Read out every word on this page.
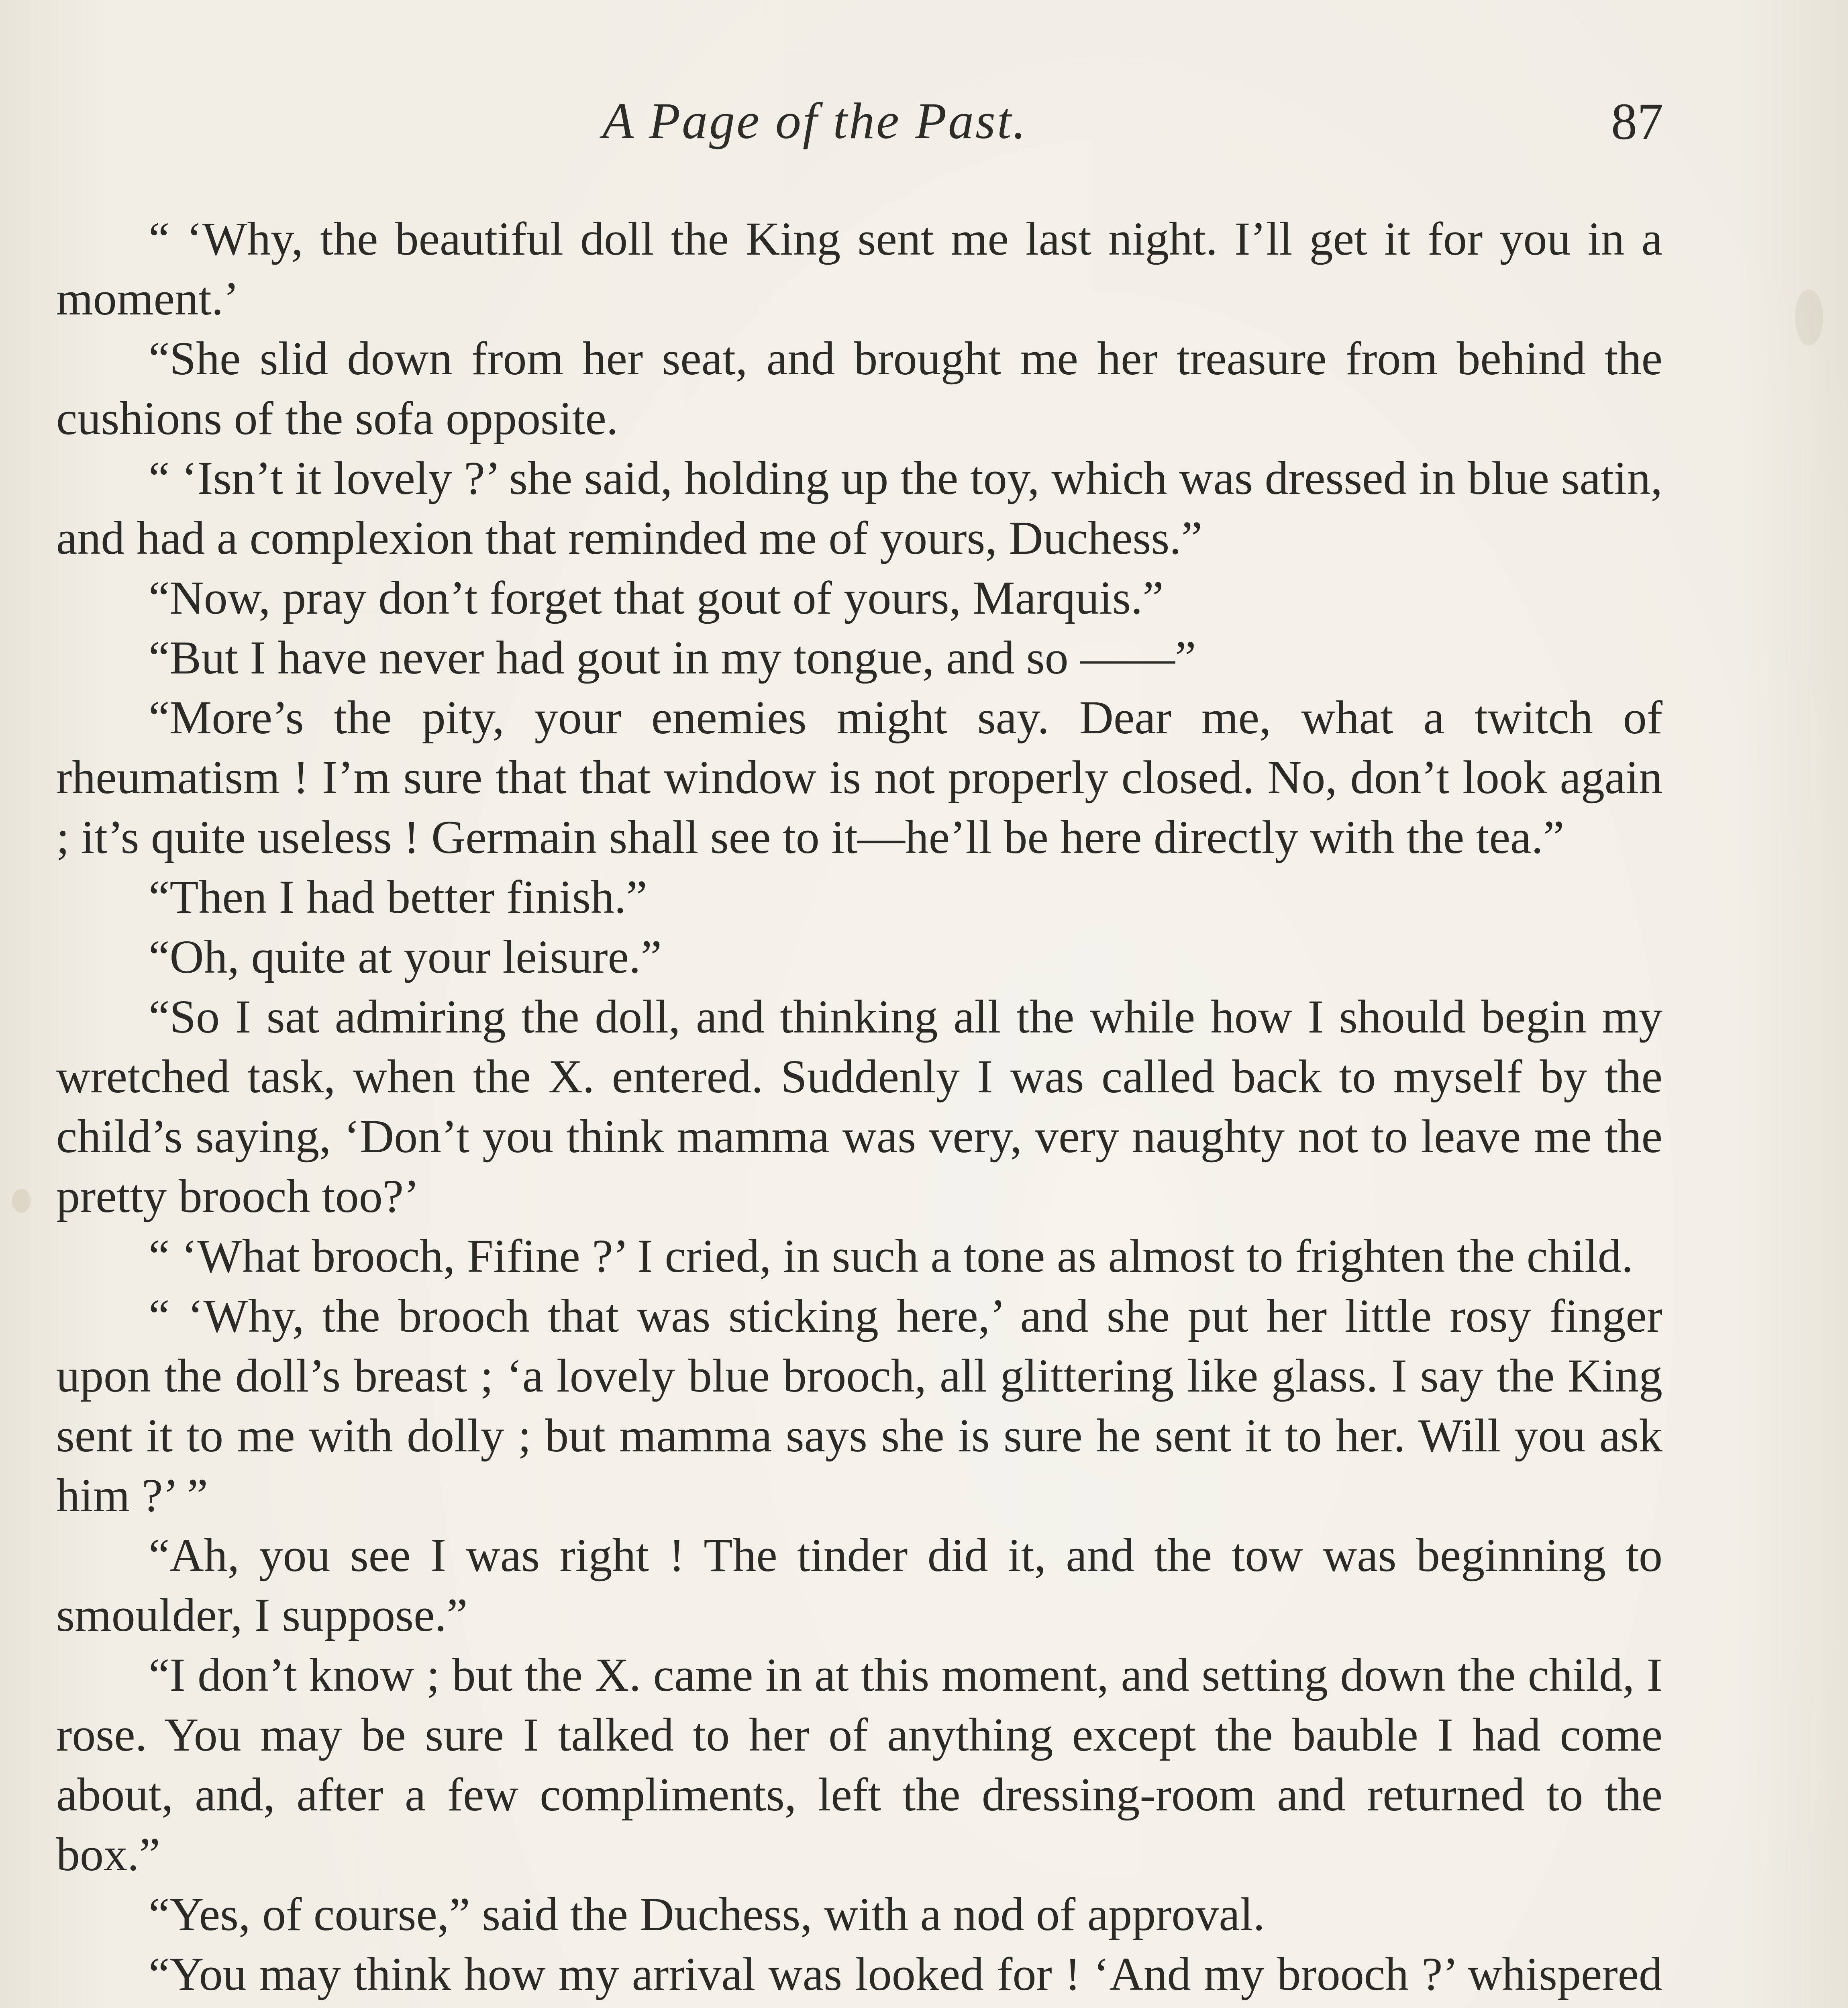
A Page of the Past.	87

“ ‘Why, the beautiful doll the King sent me last night. I’ll get it for you in a moment.’

“She slid down from her seat, and brought me her treasure from behind the cushions of the sofa opposite.

“ ‘Isn’t it lovely ?’ she said, holding up the toy, which was dressed in blue satin, and had a complexion that reminded me of yours, Duchess.”

“Now, pray don’t forget that gout of yours, Marquis.”

“But I have never had gout in my tongue, and so ——”

“More’s the pity, your enemies might say. Dear me, what a twitch of rheumatism ! I’m sure that that window is not properly closed. No, don’t look again ; it’s quite useless ! Germain shall see to it—he’ll be here directly with the tea.”

“Then I had better finish.”

“Oh, quite at your leisure.”

“So I sat admiring the doll, and thinking all the while how I should begin my wretched task, when the X. entered. Suddenly I was called back to myself by the child’s saying, ‘Don’t you think mamma was very, very naughty not to leave me the pretty brooch too?’

“ ‘What brooch, Fifine ?’ I cried, in such a tone as almost to frighten the child.

“ ‘Why, the brooch that was sticking here,’ and she put her little rosy finger upon the doll’s breast ; ‘a lovely blue brooch, all glittering like glass. I say the King sent it to me with dolly ; but mamma says she is sure he sent it to her. Will you ask him ?’ ”

“Ah, you see I was right ! The tinder did it, and the tow was beginning to smoulder, I suppose.”

“I don’t know ; but the X. came in at this moment, and setting down the child, I rose. You may be sure I talked to her of anything except the bauble I had come about, and, after a few compliments, left the dressing-room and returned to the box.”

“Yes, of course,” said the Duchess, with a nod of approval.

“You may think how my arrival was looked for ! ‘And my brooch ?’ whispered
